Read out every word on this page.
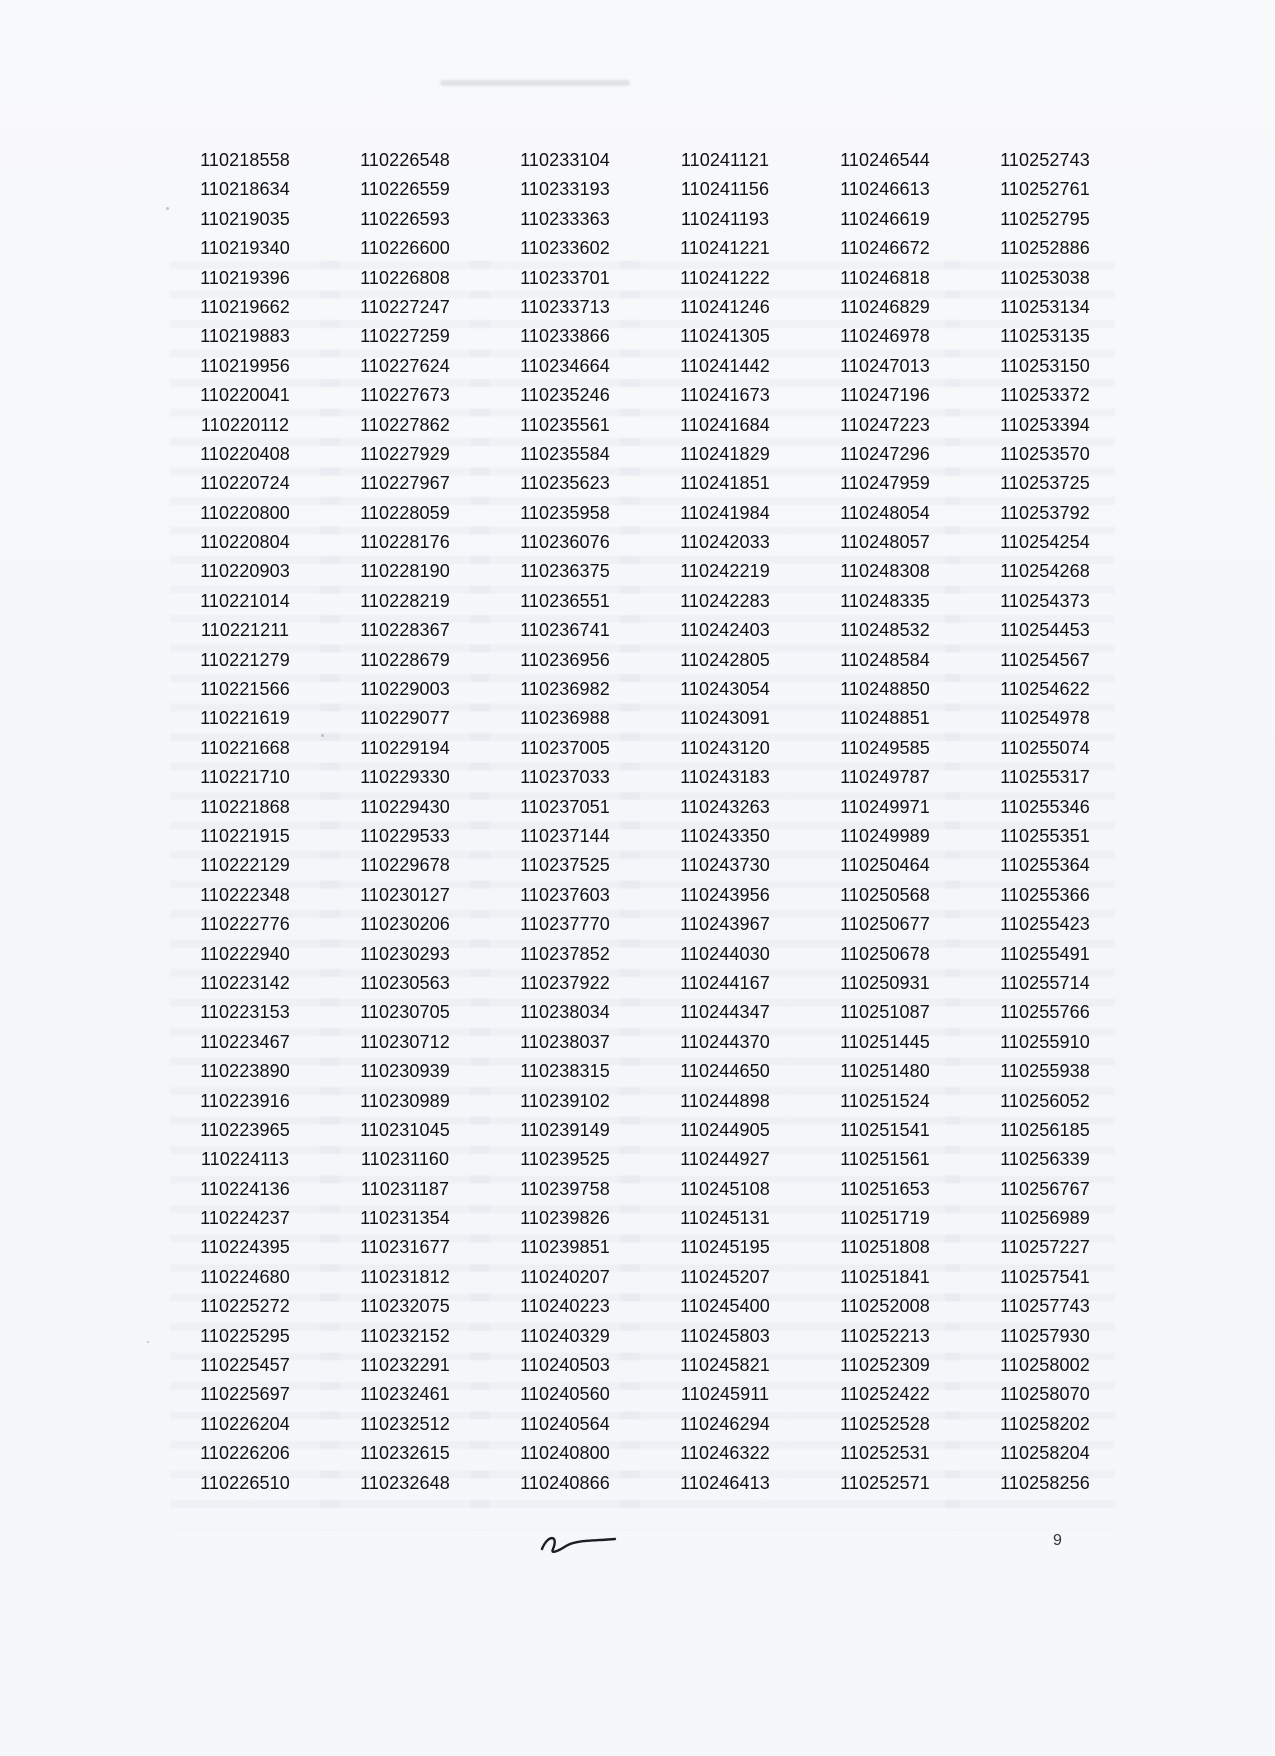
110218558
110218634
110219035
110219340
110219396
110219662
110219883
110219956
110220041
110220112
110220408
110220724
110220800
110220804
110220903
110221014
110221211
110221279
110221566
110221619
110221668
110221710
110221868
110221915
110222129
110222348
110222776
110222940
110223142
110223153
110223467
110223890
110223916
110223965
110224113
110224136
110224237
110224395
110224680
110225272
110225295
110225457
110225697
110226204
110226206
110226510
110226548
110226559
110226593
110226600
110226808
110227247
110227259
110227624
110227673
110227862
110227929
110227967
110228059
110228176
110228190
110228219
110228367
110228679
110229003
110229077
110229194
110229330
110229430
110229533
110229678
110230127
110230206
110230293
110230563
110230705
110230712
110230939
110230989
110231045
110231160
110231187
110231354
110231677
110231812
110232075
110232152
110232291
110232461
110232512
110232615
110232648
110233104
110233193
110233363
110233602
110233701
110233713
110233866
110234664
110235246
110235561
110235584
110235623
110235958
110236076
110236375
110236551
110236741
110236956
110236982
110236988
110237005
110237033
110237051
110237144
110237525
110237603
110237770
110237852
110237922
110238034
110238037
110238315
110239102
110239149
110239525
110239758
110239826
110239851
110240207
110240223
110240329
110240503
110240560
110240564
110240800
110240866
110241121
110241156
110241193
110241221
110241222
110241246
110241305
110241442
110241673
110241684
110241829
110241851
110241984
110242033
110242219
110242283
110242403
110242805
110243054
110243091
110243120
110243183
110243263
110243350
110243730
110243956
110243967
110244030
110244167
110244347
110244370
110244650
110244898
110244905
110244927
110245108
110245131
110245195
110245207
110245400
110245803
110245821
110245911
110246294
110246322
110246413
110246544
110246613
110246619
110246672
110246818
110246829
110246978
110247013
110247196
110247223
110247296
110247959
110248054
110248057
110248308
110248335
110248532
110248584
110248850
110248851
110249585
110249787
110249971
110249989
110250464
110250568
110250677
110250678
110250931
110251087
110251445
110251480
110251524
110251541
110251561
110251653
110251719
110251808
110251841
110252008
110252213
110252309
110252422
110252528
110252531
110252571
110252743
110252761
110252795
110252886
110253038
110253134
110253135
110253150
110253372
110253394
110253570
110253725
110253792
110254254
110254268
110254373
110254453
110254567
110254622
110254978
110255074
110255317
110255346
110255351
110255364
110255366
110255423
110255491
110255714
110255766
110255910
110255938
110256052
110256185
110256339
110256767
110256989
110257227
110257541
110257743
110257930
110258002
110258070
110258202
110258204
110258256
9
